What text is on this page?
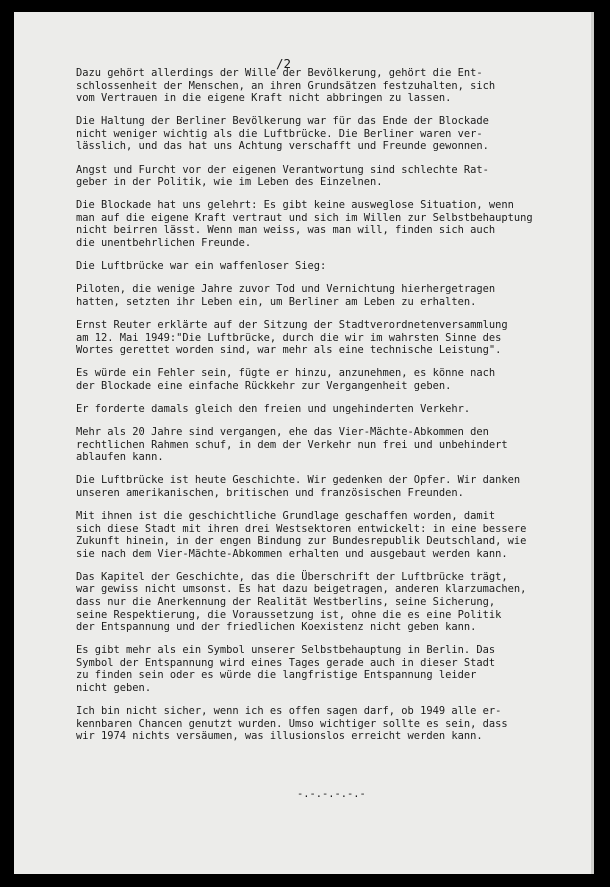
/2

Dazu gehört allerdings der Wille der Bevölkerung, gehört die Ent-
schlossenheit der Menschen, an ihren Grundsätzen festzuhalten, sich
vom Vertrauen in die eigene Kraft nicht abbringen zu lassen.
Die Haltung der Berliner Bevölkerung war für das Ende der Blockade
nicht weniger wichtig als die Luftbrücke. Die Berliner waren ver-
lässlich, und das hat uns Achtung verschafft und Freunde gewonnen.
Angst und Furcht vor der eigenen Verantwortung sind schlechte Rat-
geber in der Politik, wie im Leben des Einzelnen.
Die Blockade hat uns gelehrt: Es gibt keine ausweglose Situation, wenn
man auf die eigene Kraft vertraut und sich im Willen zur Selbstbehauptung
nicht beirren lässt. Wenn man weiss, was man will, finden sich auch
die unentbehrlichen Freunde.
Die Luftbrücke war ein waffenloser Sieg:
Piloten, die wenige Jahre zuvor Tod und Vernichtung hierhergetragen
hatten, setzten ihr Leben ein, um Berliner am Leben zu erhalten.
Ernst Reuter erklärte auf der Sitzung der Stadtverordnetenversammlung
am 12. Mai 1949:"Die Luftbrücke, durch die wir im wahrsten Sinne des
Wortes gerettet worden sind, war mehr als eine technische Leistung".
Es würde ein Fehler sein, fügte er hinzu, anzunehmen, es könne nach
der Blockade eine einfache Rückkehr zur Vergangenheit geben.
Er forderte damals gleich den freien und ungehinderten Verkehr.
Mehr als 20 Jahre sind vergangen, ehe das Vier-Mächte-Abkommen den
rechtlichen Rahmen schuf, in dem der Verkehr nun frei und unbehindert
ablaufen kann.
Die Luftbrücke ist heute Geschichte. Wir gedenken der Opfer. Wir danken
unseren amerikanischen, britischen und französischen Freunden.
Mit ihnen ist die geschichtliche Grundlage geschaffen worden, damit
sich diese Stadt mit ihren drei Westsektoren entwickelt: in eine bessere
Zukunft hinein, in der engen Bindung zur Bundesrepublik Deutschland, wie
sie nach dem Vier-Mächte-Abkommen erhalten und ausgebaut werden kann.
Das Kapitel der Geschichte, das die Überschrift der Luftbrücke trägt,
war gewiss nicht umsonst. Es hat dazu beigetragen, anderen klarzumachen,
dass nur die Anerkennung der Realität Westberlins, seine Sicherung,
seine Respektierung, die Voraussetzung ist, ohne die es eine Politik
der Entspannung und der friedlichen Koexistenz nicht geben kann.
Es gibt mehr als ein Symbol unserer Selbstbehauptung in Berlin. Das
Symbol der Entspannung wird eines Tages gerade auch in dieser Stadt
zu finden sein oder es würde die langfristige Entspannung leider
nicht geben.
Ich bin nicht sicher, wenn ich es offen sagen darf, ob 1949 alle er-
kennbaren Chancen genutzt wurden. Umso wichtiger sollte es sein, dass
wir 1974 nichts versäumen, was illusionslos erreicht werden kann.

-.-.-.-.-.-
